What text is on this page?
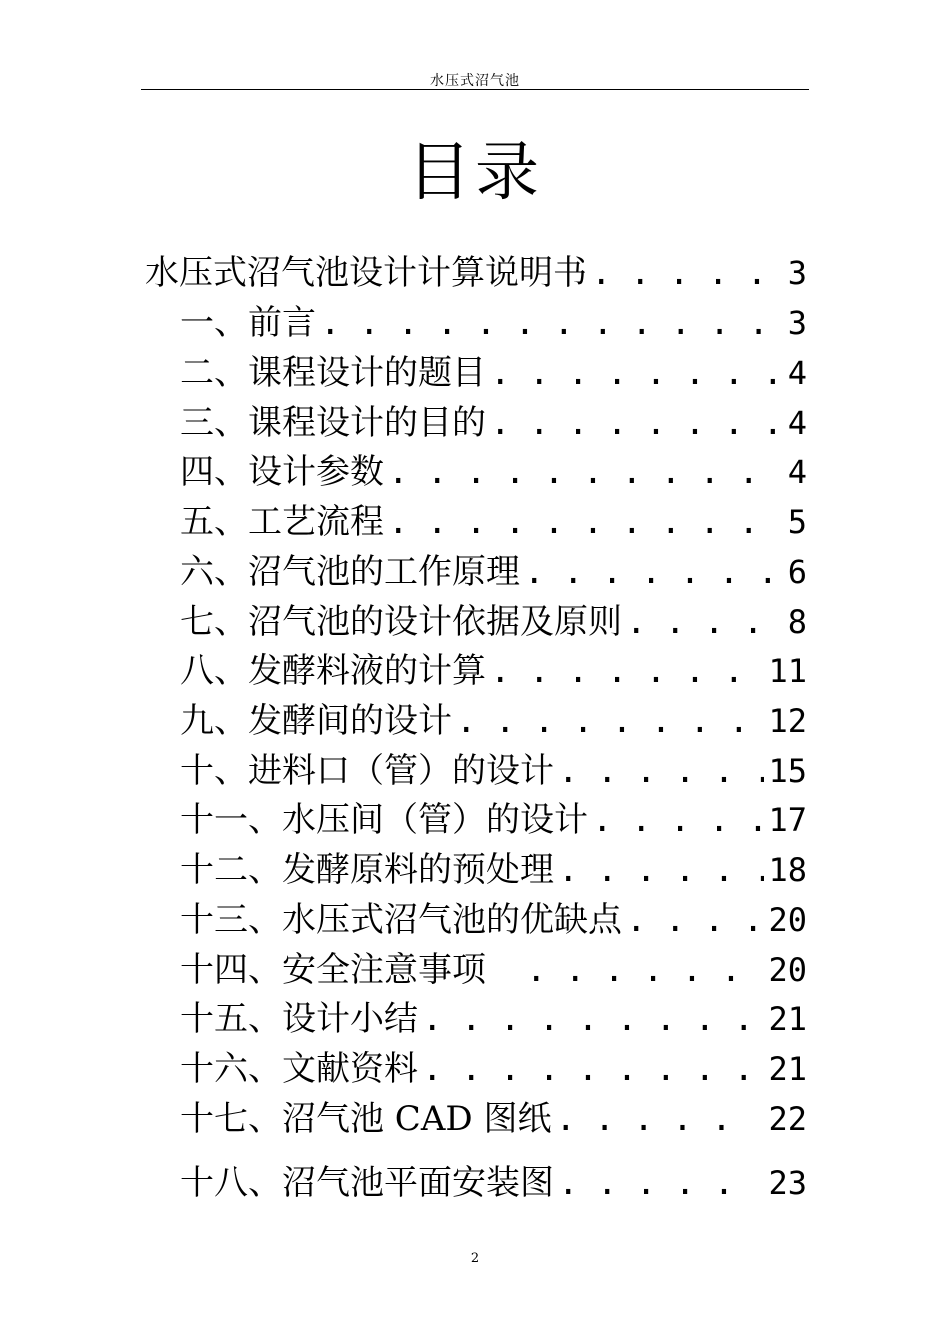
水压式沼气池
目录
水压式沼气池设计计算说明书 . . .	3
一、前言 . . .	3
二、课程设计的题目 . . .	4
三、课程设计的目的 . . .	4
四、设计参数 . . .	4
五、工艺流程 . . .	5
六、沼气池的工作原理 . . .	6
七、沼气池的设计依据及原则 . . .	8
八、发酵料液的计算 . . .	11
九、发酵间的设计 . . .	12
十、进料口（管）的设计 . . .	15
十一、水压间（管）的设计 . . .	17
十二、发酵原料的预处理 . . .	18
十三、水压式沼气池的优缺点 . . .	20
十四、安全注意事项 . . .	20
十五、设计小结 . . .	21
十六、文献资料 . . .	21
十七、沼气池 CAD 图纸 . . .	22
十八、沼气池平面安装图 . . .	23
2
